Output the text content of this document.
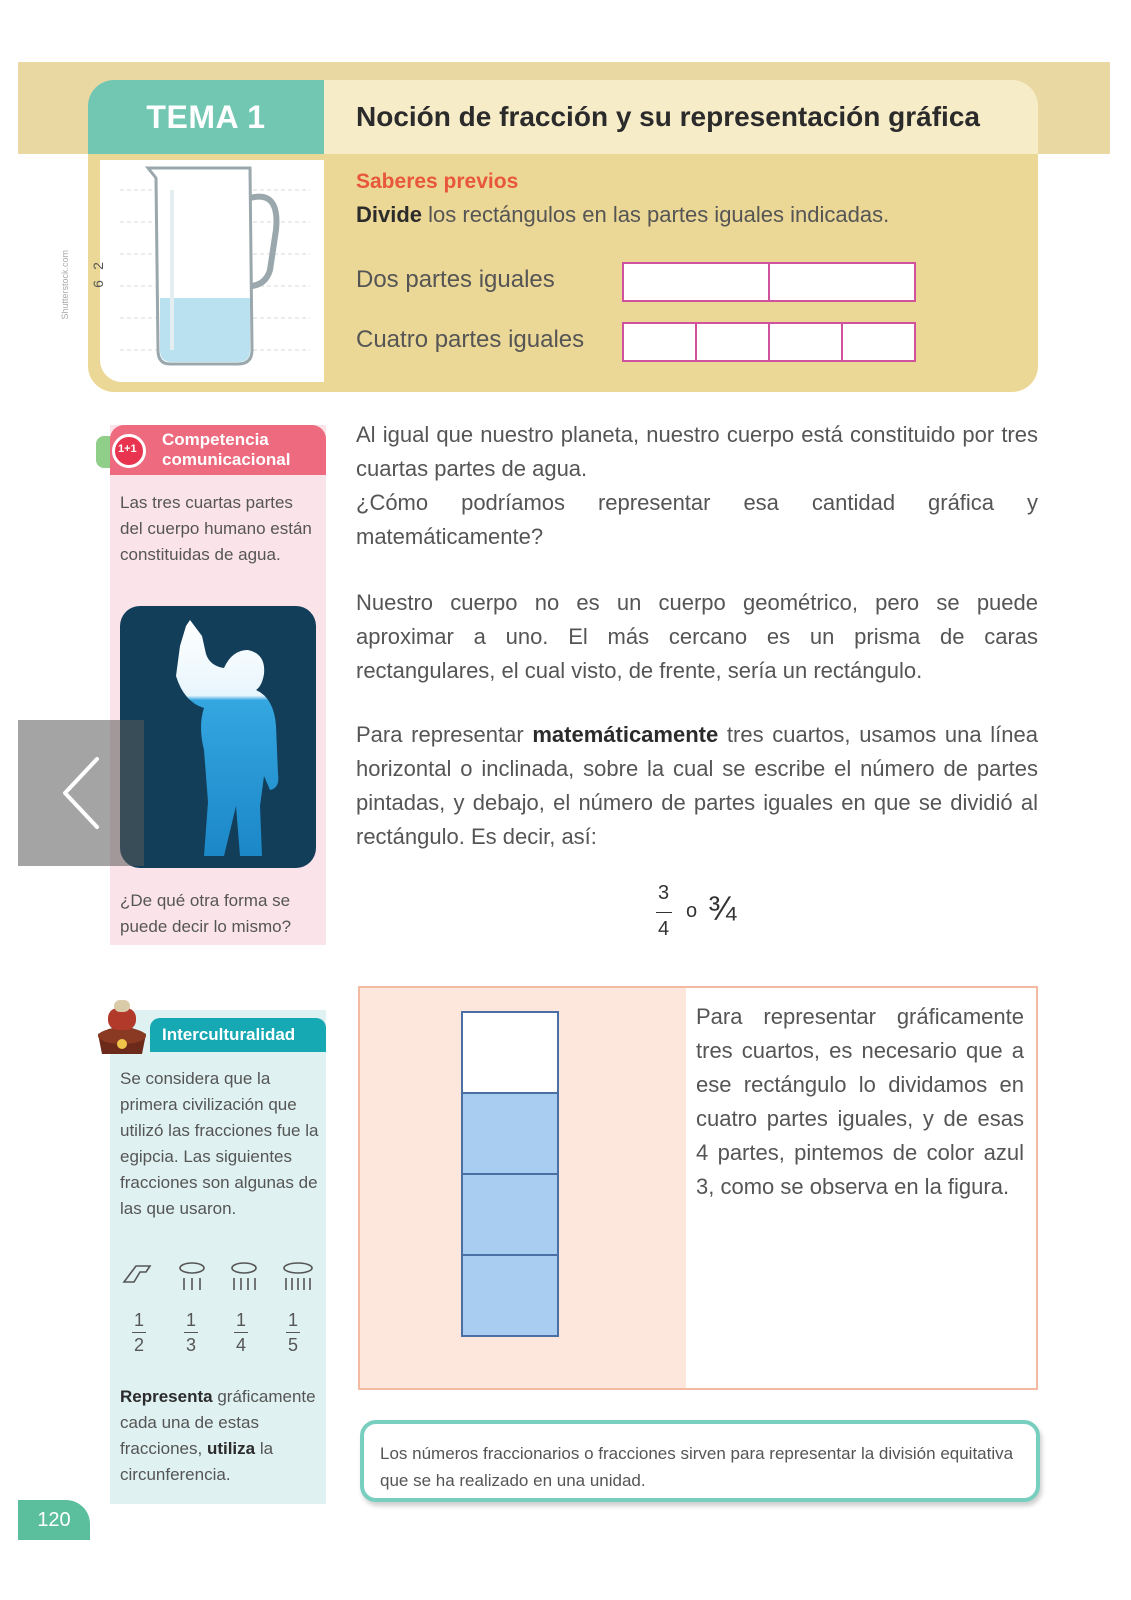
TEMA 1	Noción de fracción y su representación gráfica
Shutterstock.com 2
6
Saberes previos
Divide los rectángulos en las partes iguales indicadas.
Dos partes iguales
Cuatro partes iguales
1+1 Competencia
comunicacional
Las tres cuartas partes del cuerpo humano están constituidas de agua.
¿De qué otra forma se puede decir lo mismo?
Al igual que nuestro planeta, nuestro cuerpo está constituido por tres cuartas partes de agua.
¿Cómo podríamos representar esa cantidad gráfica y matemáticamente?
Nuestro cuerpo no es un cuerpo geométrico, pero se puede aproximar a uno. El más cercano es un prisma de caras rectangulares, el cual visto, de frente, sería un rectángulo.
Para representar matemáticamente tres cuartos, usamos una línea horizontal o inclinada, sobre la cual se escribe el número de partes pintadas, y debajo, el número de partes iguales en que se dividió al rectángulo. Es decir, así:
3
4
o ¾
Interculturalidad
Se considera que la primera civilización que utilizó las fracciones fue la egipcia. Las siguientes fracciones son algunas de las que usaron.
1
2
1
3
1
4
1
5
Representa gráficamente cada una de estas fracciones, utiliza la circunferencia.
Para representar gráficamente tres cuartos, es necesario que a ese rectángulo lo dividamos en cuatro partes iguales, y de esas 4 partes, pintemos de color azul 3, como se observa en la figura.
Los números fraccionarios o fracciones sirven para representar la división equitativa que se ha realizado en una unidad.
120
